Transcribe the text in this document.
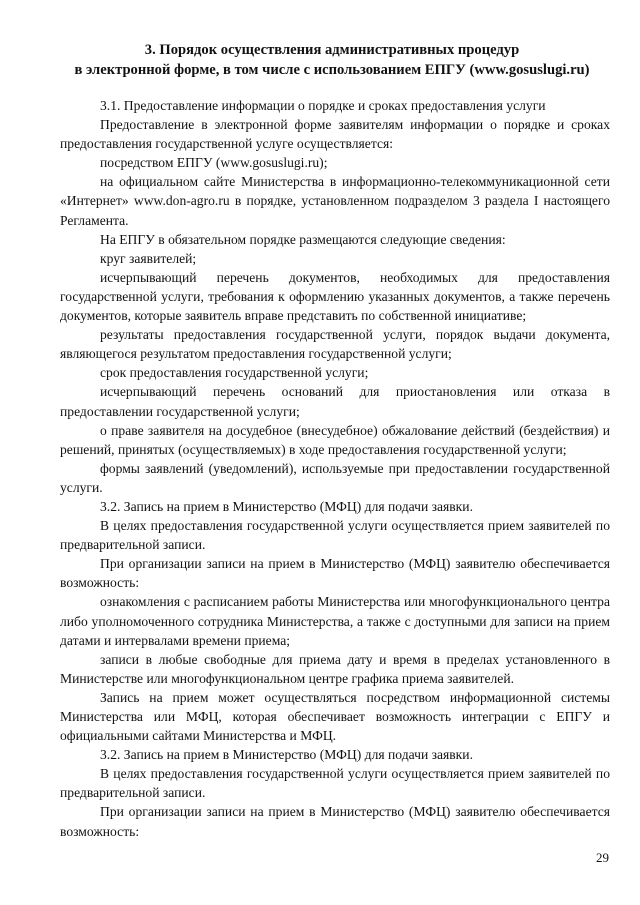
3. Порядок осуществления административных процедур
в электронной форме, в том числе с использованием ЕПГУ (www.gosuslugi.ru)

3.1. Предоставление информации о порядке и сроках предоставления услуги

Предоставление в электронной форме заявителям информации о порядке и сроках предоставления государственной услуге осуществляется:

посредством ЕПГУ (www.gosuslugi.ru);

на официальном сайте Министерства в информационно-телекоммуникационной сети «Интернет» www.don-agro.ru в порядке, установленном подразделом 3 раздела I настоящего Регламента.

На ЕПГУ в обязательном порядке размещаются следующие сведения:

круг заявителей;

исчерпывающий перечень документов, необходимых для предоставления государственной услуги, требования к оформлению указанных документов, а также перечень документов, которые заявитель вправе представить по собственной инициативе;

результаты предоставления государственной услуги, порядок выдачи документа, являющегося результатом предоставления государственной услуги;

срок предоставления государственной услуги;

исчерпывающий перечень оснований для приостановления или отказа в предоставлении государственной услуги;

о праве заявителя на досудебное (внесудебное) обжалование действий (бездействия) и решений, принятых (осуществляемых) в ходе предоставления государственной услуги;

формы заявлений (уведомлений), используемые при предоставлении государственной услуги.

3.2. Запись на прием в Министерство (МФЦ) для подачи заявки.

В целях предоставления государственной услуги осуществляется прием заявителей по предварительной записи.

При организации записи на прием в Министерство (МФЦ) заявителю обеспечивается возможность:

ознакомления с расписанием работы Министерства или многофункционального центра либо уполномоченного сотрудника Министерства, а также с доступными для записи на прием датами и интервалами времени приема;

записи в любые свободные для приема дату и время в пределах установленного в Министерстве или многофункциональном центре графика приема заявителей.

Запись на прием может осуществляться посредством информационной системы Министерства или МФЦ, которая обеспечивает возможность интеграции с ЕПГУ и официальными сайтами Министерства и МФЦ.

3.2. Запись на прием в Министерство (МФЦ) для подачи заявки.

В целях предоставления государственной услуги осуществляется прием заявителей по предварительной записи.

При организации записи на прием в Министерство (МФЦ) заявителю обеспечивается возможность:

29
